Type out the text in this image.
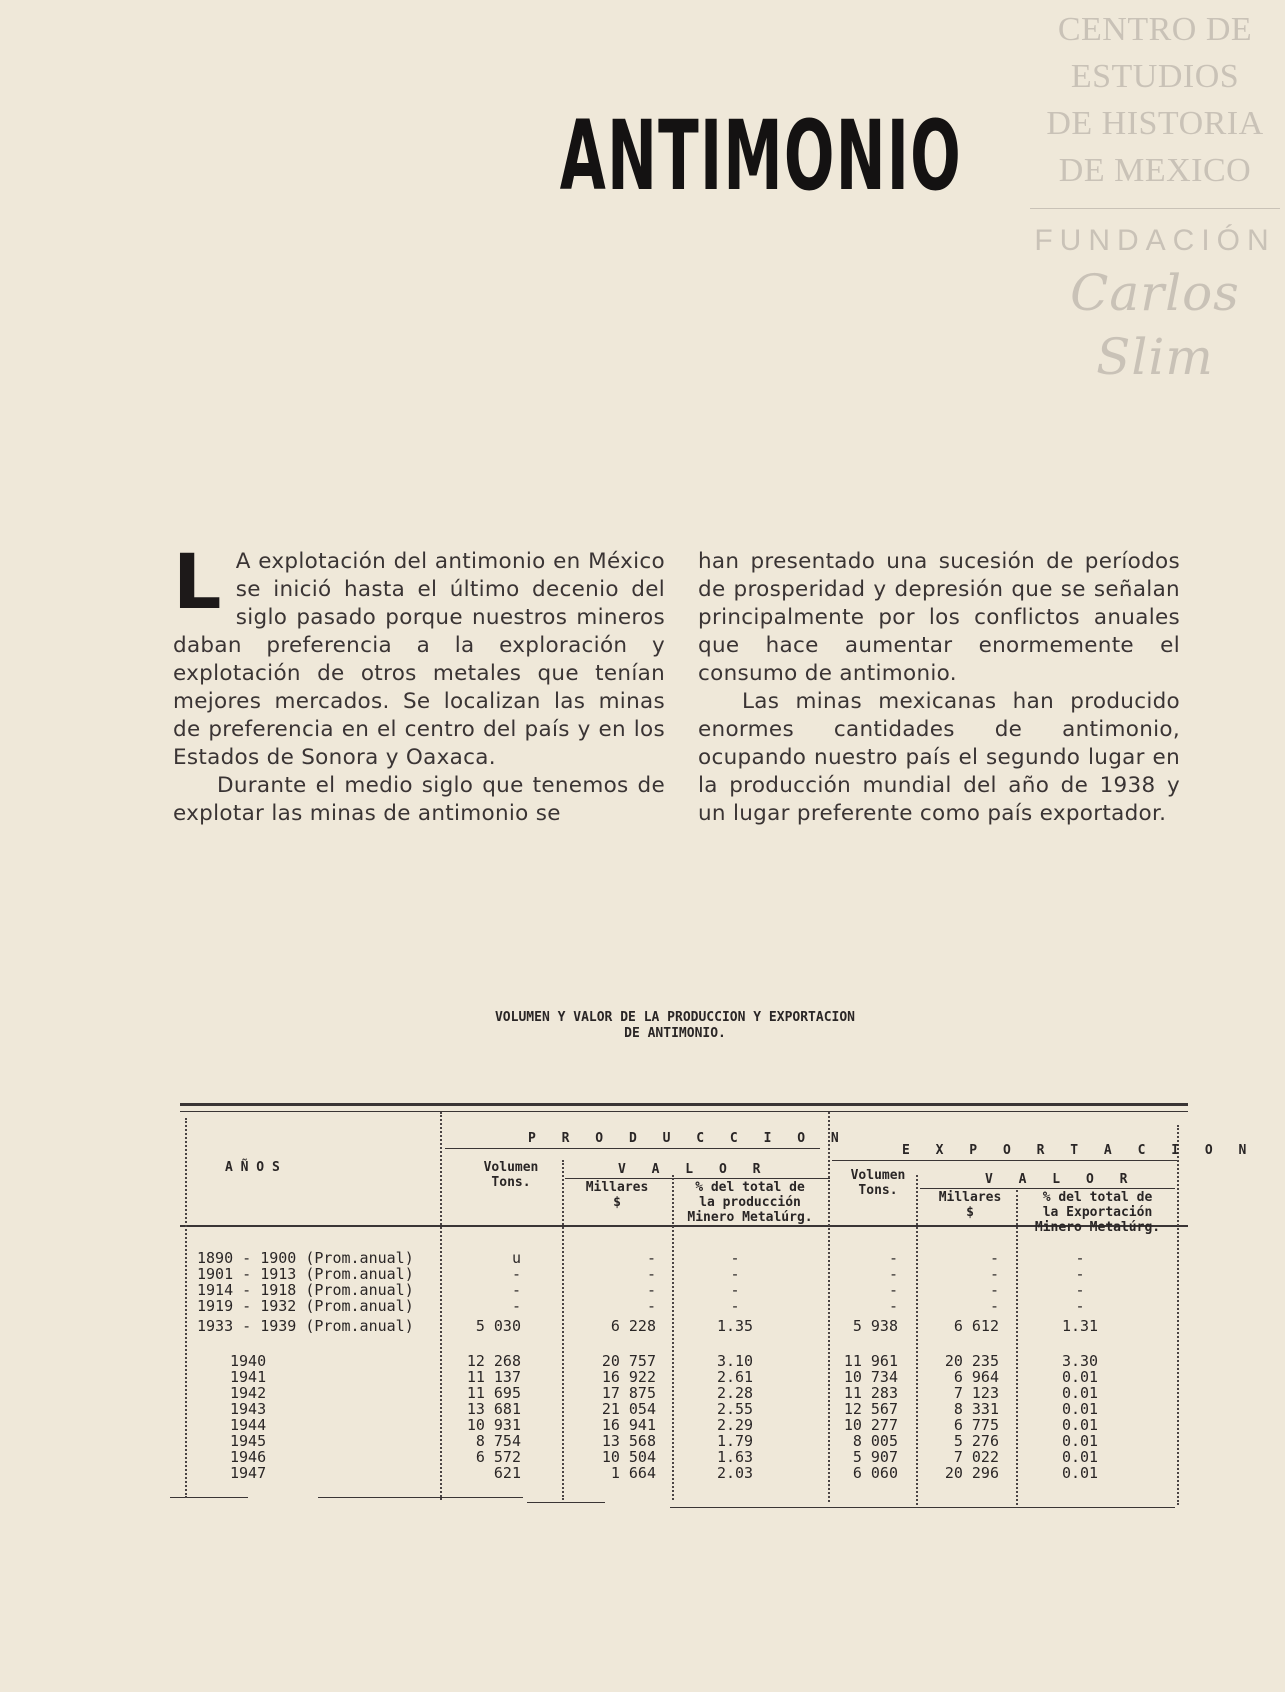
CENTRO DE
ESTUDIOS
DE HISTORIA
DE MEXICO
FUNDACIÓN
Carlos Slim
ANTIMONIO

L A explotación del antimonio en México se inició hasta el último decenio del siglo pasado porque nuestros mineros daban preferencia a la exploración y explotación de otros metales que tenían mejores mercados. Se localizan las minas de preferencia en el centro del país y en los Estados de Sonora y Oaxaca.

Durante el medio siglo que tenemos de explotar las minas de antimonio se

han presentado una sucesión de períodos de prosperidad y depresión que se señalan principalmente por los conflictos anuales que hace aumentar enormemente el consumo de antimonio.

Las minas mexicanas han producido enormes cantidades de antimonio, ocupando nuestro país el segundo lugar en la producción mundial del año de 1938 y un lugar preferente como país exportador.

VOLUMEN Y VALOR DE LA PRODUCCION Y EXPORTACION
DE ANTIMONIO.
A Ñ O S
P R O D U C C I O N
E X P O R T A C I O N
V A L O R
V A L O R
Volumen
Tons.	Millares
$
% del total de
la producción
Minero Metalúrg.
Volumen
Tons.	Millares
$
% del total de
la Exportación
Minero Metalúrg.
1890 - 1900 (Prom.anual)	u	-	-	-	-	-
1901 - 1913 (Prom.anual)	-	-	-	-	-	-
1914 - 1918 (Prom.anual)	-	-	-	-	-	-
1919 - 1932 (Prom.anual)	-	-	-	-	-	-
1933 - 1939 (Prom.anual)	5 030	6 228	1.35	5 938	6 612	1.31
1940	12 268	20 757	3.10	11 961	20 235	3.30
1941	11 137	16 922	2.61	10 734	6 964	0.01
1942	11 695	17 875	2.28	11 283	7 123	0.01
1943	13 681	21 054	2.55	12 567	8 331	0.01
1944	10 931	16 941	2.29	10 277	6 775	0.01
1945	8 754	13 568	1.79	8 005	5 276	0.01
1946	6 572	10 504	1.63	5 907	7 022	0.01
1947	621	1 664	2.03	6 060	20 296	0.01
